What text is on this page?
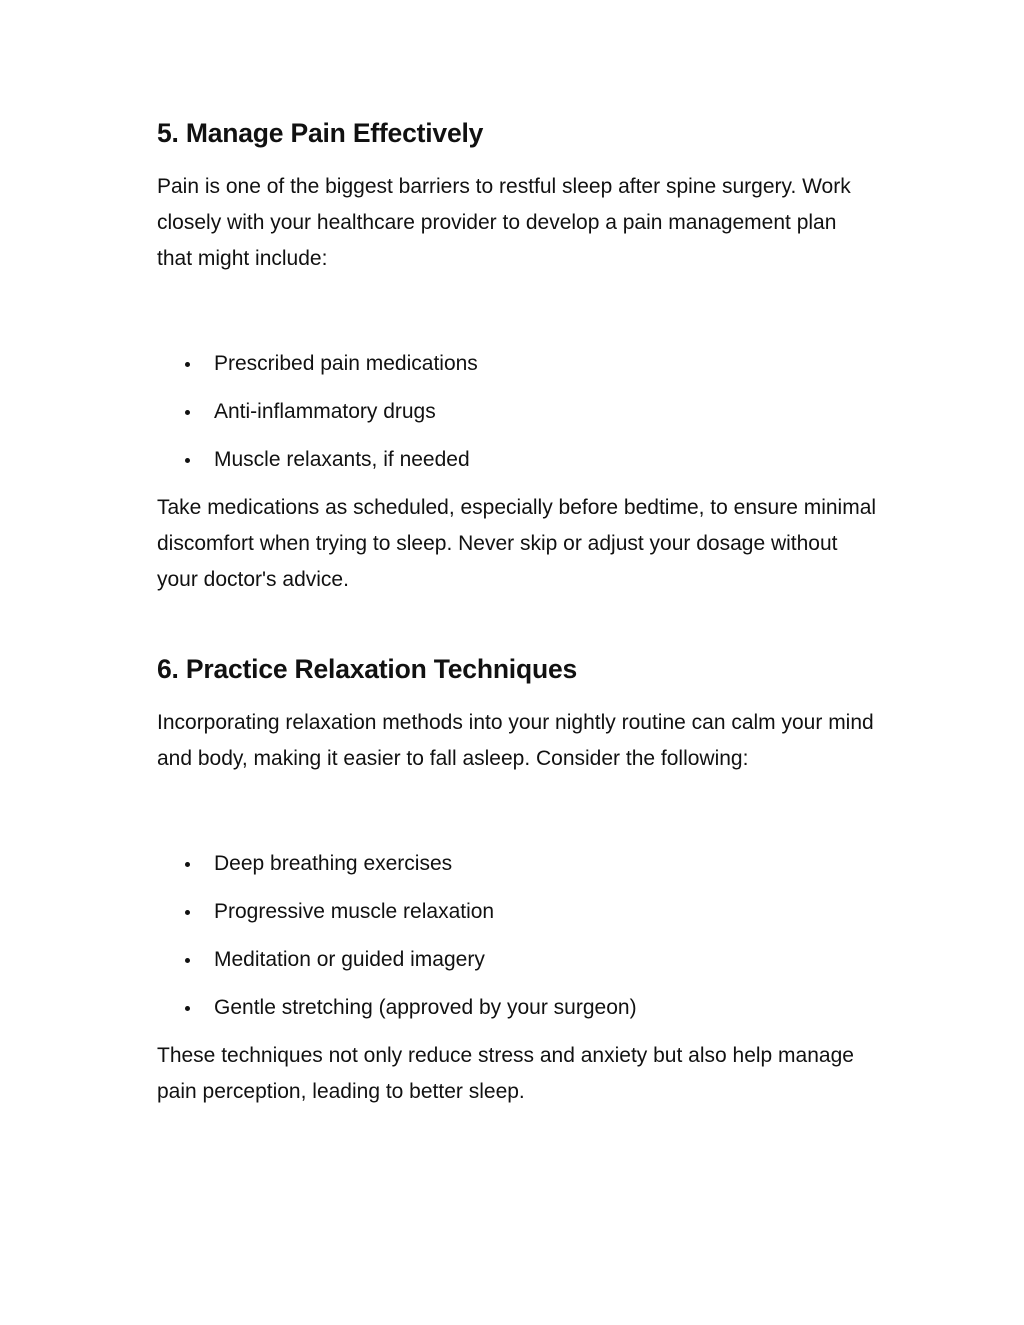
5. Manage Pain Effectively

Pain is one of the biggest barriers to restful sleep after spine surgery. Work closely with your healthcare provider to develop a pain management plan that might include:

Prescribed pain medications
Anti-inflammatory drugs
Muscle relaxants, if needed

Take medications as scheduled, especially before bedtime, to ensure minimal discomfort when trying to sleep. Never skip or adjust your dosage without your doctor's advice.

6. Practice Relaxation Techniques

Incorporating relaxation methods into your nightly routine can calm your mind and body, making it easier to fall asleep. Consider the following:

Deep breathing exercises
Progressive muscle relaxation
Meditation or guided imagery
Gentle stretching (approved by your surgeon)

These techniques not only reduce stress and anxiety but also help manage pain perception, leading to better sleep.
